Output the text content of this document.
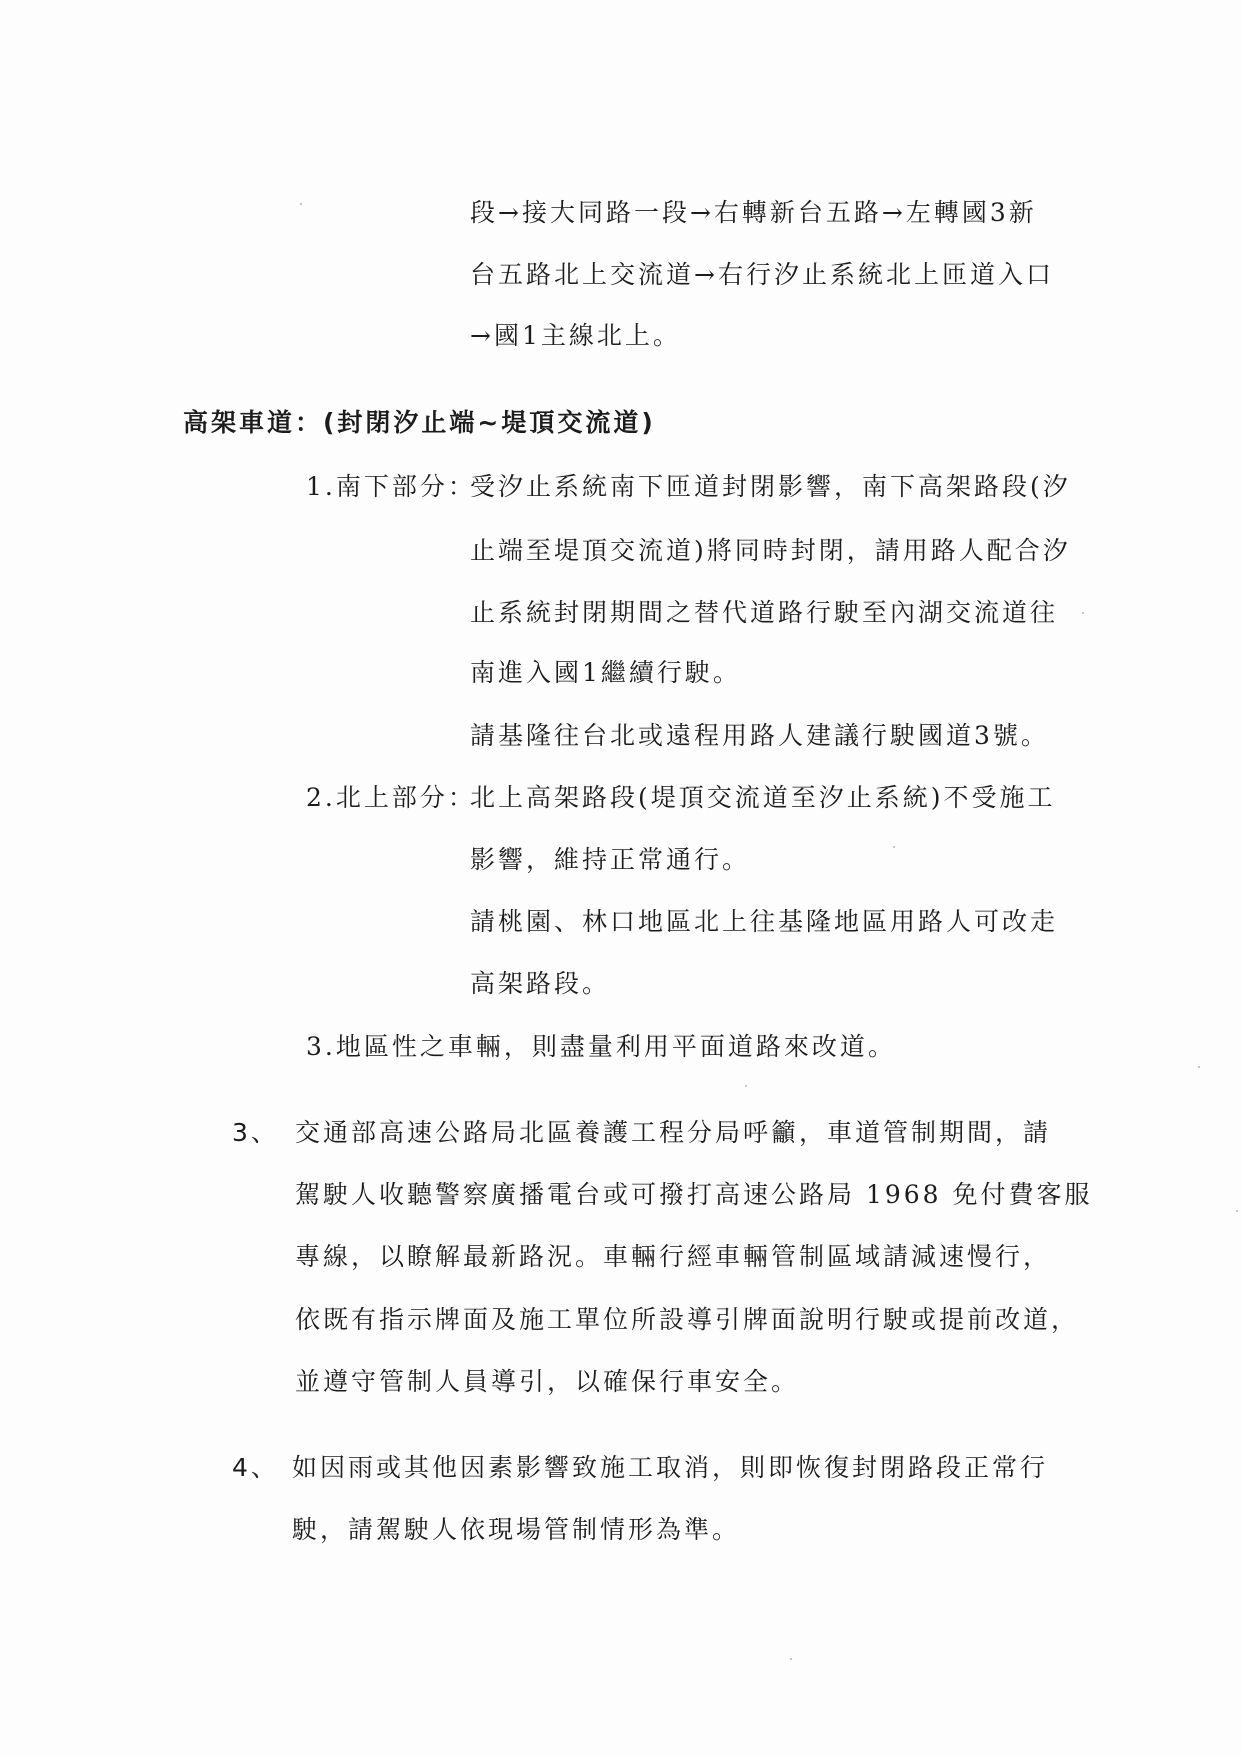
段→接大同路一段→右轉新台五路→左轉國3新
台五路北上交流道→右行汐止系統北上匝道入口
→國1主線北上。
高架車道：(封閉汐止端~堤頂交流道)
1.南下部分：
受汐止系統南下匝道封閉影響，南下高架路段(汐
止端至堤頂交流道)將同時封閉，請用路人配合汐
止系統封閉期間之替代道路行駛至內湖交流道往
南進入國1繼續行駛。
請基隆往台北或遠程用路人建議行駛國道3號。
2.北上部分：
北上高架路段(堤頂交流道至汐止系統)不受施工
影響，維持正常通行。
請桃園、林口地區北上往基隆地區用路人可改走
高架路段。
3.地區性之車輛，則盡量利用平面道路來改道。
3、 交通部高速公路局北區養護工程分局呼籲，車道管制期間，請
駕駛人收聽警察廣播電台或可撥打高速公路局 1968 免付費客服
專線，以瞭解最新路況。車輛行經車輛管制區域請減速慢行，
依既有指示牌面及施工單位所設導引牌面說明行駛或提前改道，
並遵守管制人員導引，以確保行車安全。
4、 如因雨或其他因素影響致施工取消，則即恢復封閉路段正常行
駛，請駕駛人依現場管制情形為準。
